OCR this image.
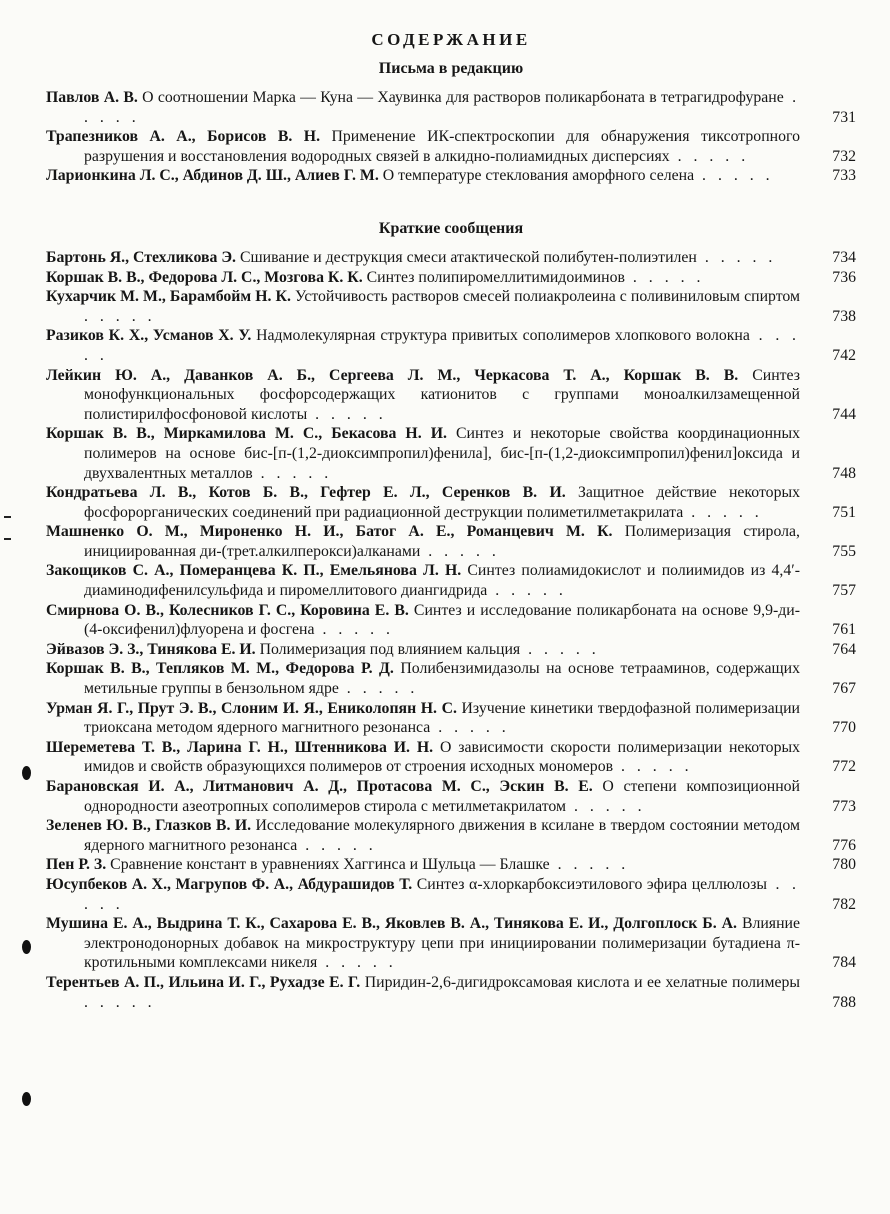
СОДЕРЖАНИЕ
Письма в редакцию
Павлов А. В. О соотношении Марка — Куна — Хаувинка для растворов поликарбоната в тетрагидрофуране . . . . .	731
Трапезников А. А., Борисов В. Н. Применение ИК-спектроскопии для обнаружения тиксотропного разрушения и восстановления водородных связей в алкидно-полиамидных дисперсиях . . . . .	732
Ларионкина Л. С., Абдинов Д. Ш., Алиев Г. М. О температуре стеклования аморфного селена . . . . .	733
Краткие сообщения
Бартонь Я., Стехликова Э. Сшивание и деструкция смеси атактической полибутен-полиэтилен . . . . .	734
Коршак В. В., Федорова Л. С., Мозгова К. К. Синтез полипиромеллитимидоиминов . . . . .	736
Кухарчик М. М., Барамбойм Н. К. Устойчивость растворов смесей полиакролеина с поливиниловым спиртом . . . . .	738
Разиков К. Х., Усманов Х. У. Надмолекулярная структура привитых сополимеров хлопкового волокна . . . . .	742
Лейкин Ю. А., Даванков А. Б., Сергеева Л. М., Черкасова Т. А., Коршак В. В. Синтез монофункциональных фосфорсодержащих катионитов с группами моноалкилзамещенной полистирилфосфоновой кислоты . . . . .	744
Коршак В. В., Миркамилова М. С., Бекасова Н. И. Синтез и некоторые свойства координационных полимеров на основе бис-[п-(1,2-диоксимпропил)фенила], бис-[п-(1,2-диоксимпропил)фенил]оксида и двухвалентных металлов . . . . .	748
Кондратьева Л. В., Котов Б. В., Гефтер Е. Л., Серенков В. И. Защитное действие некоторых фосфорорганических соединений при радиационной деструкции полиметилметакрилата . . . . .	751
Машненко О. М., Мироненко Н. И., Батог А. Е., Романцевич М. К. Полимеризация стирола, инициированная ди-(трет.алкилперокси)алканами . . . . .	755
Закощиков С. А., Померанцева К. П., Емельянова Л. Н. Синтез полиамидокислот и полиимидов из 4,4′-диаминодифенилсульфида и пиромеллитового диангидрида . . . . .	757
Смирнова О. В., Колесников Г. С., Коровина Е. В. Синтез и исследование поликарбоната на основе 9,9-ди-(4-оксифенил)флуорена и фосгена . . . . .	761
Эйвазов Э. З., Тинякова Е. И. Полимеризация под влиянием кальция . . . . .	764
Коршак В. В., Тепляков М. М., Федорова Р. Д. Полибензимидазолы на основе тетрааминов, содержащих метильные группы в бензольном ядре . . . . .	767
Урман Я. Г., Прут Э. В., Слоним И. Я., Ениколопян Н. С. Изучение кинетики твердофазной полимеризации триоксана методом ядерного магнитного резонанса . . . . .	770
Шереметева Т. В., Ларина Г. Н., Штенникова И. Н. О зависимости скорости полимеризации некоторых имидов и свойств образующихся полимеров от строения исходных мономеров . . . . .	772
Барановская И. А., Литманович А. Д., Протасова М. С., Эскин В. Е. О степени композиционной однородности азеотропных сополимеров стирола с метилметакрилатом . . . . .	773
Зеленев Ю. В., Глазков В. И. Исследование молекулярного движения в ксилане в твердом состоянии методом ядерного магнитного резонанса . . . . .	776
Пен Р. З. Сравнение констант в уравнениях Хаггинса и Шульца — Блашке . . . . .	780
Юсупбеков А. Х., Магрупов Ф. А., Абдурашидов Т. Синтез α-хлоркарбоксиэтилового эфира целлюлозы . . . . .	782
Мушина Е. А., Выдрина Т. К., Сахарова Е. В., Яковлев В. А., Тинякова Е. И., Долгоплоск Б. А. Влияние электронодонорных добавок на микроструктуру цепи при инициировании полимеризации бутадиена π-кротильными комплексами никеля . . . . .	784
Терентьев А. П., Ильина И. Г., Рухадзе Е. Г. Пиридин-2,6-дигидроксамовая кислота и ее хелатные полимеры . . . . .	788
